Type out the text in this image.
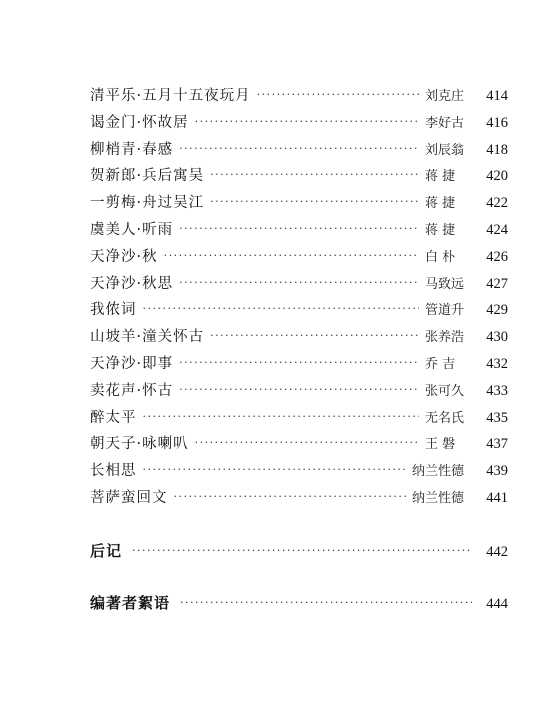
清平乐·五月十五夜玩月 ·····	刘克庄	414
谒金门·怀故居 ·····	李好古	416
柳梢青·春感 ·····	刘辰翁	418
贺新郎·兵后寓吴 ·····	蒋 捷	420
一剪梅·舟过吴江 ·····	蒋 捷	422
虞美人·听雨 ·····	蒋 捷	424
天净沙·秋 ·····	白 朴	426
天净沙·秋思 ·····	马致远	427
我侬词 ·····	管道升	429
山坡羊·潼关怀古 ·····	张养浩	430
天净沙·即事 ·····	乔 吉	432
卖花声·怀古 ·····	张可久	433
醉太平 ·····	无名氏	435
朝天子·咏喇叭 ·····	王 磐	437
长相思 ·····	纳兰性德	439
菩萨蛮回文 ·····	纳兰性德	441
后记 ·····	442
编著者絮语 ·····	444
